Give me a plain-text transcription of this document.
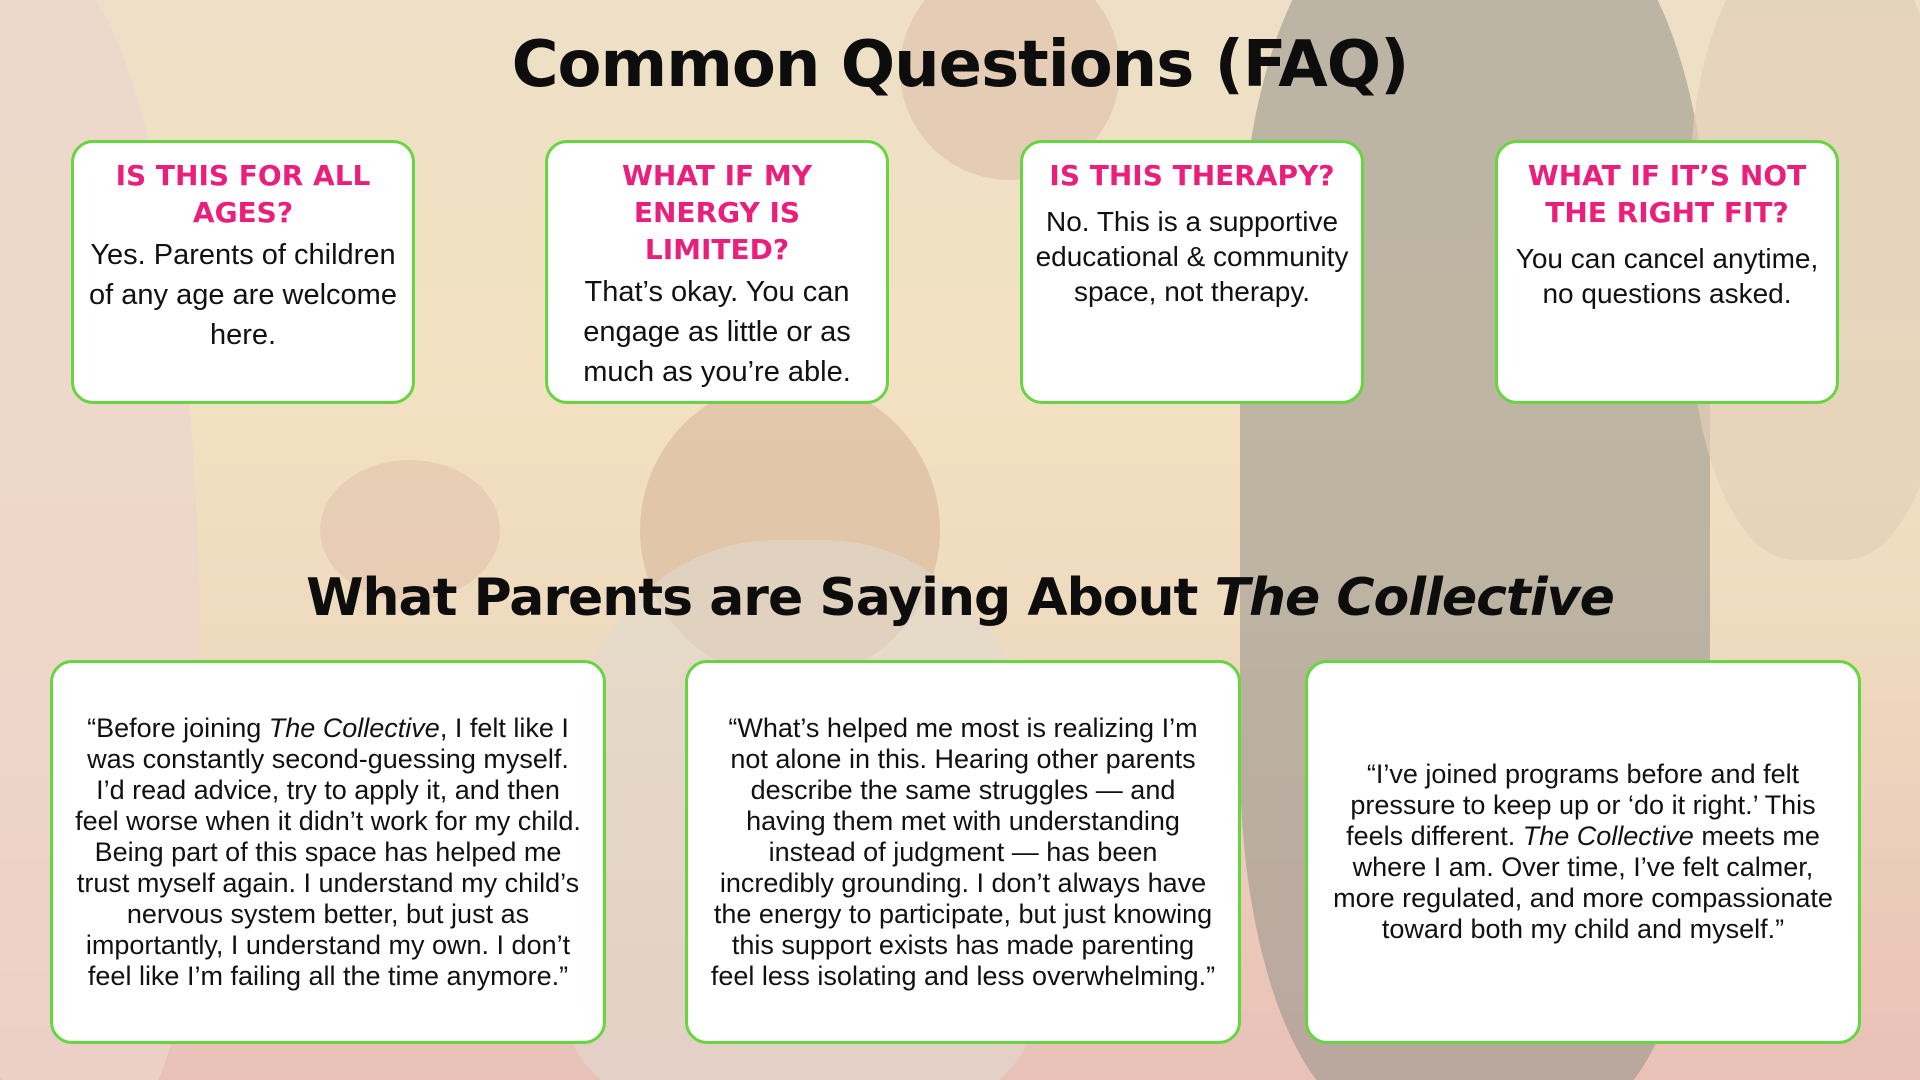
Common Questions (FAQ)
IS THIS FOR ALL AGES?
Yes. Parents of children of any age are welcome here.
WHAT IF MY ENERGY IS LIMITED?
That’s okay. You can engage as little or as much as you’re able.
IS THIS THERAPY?
No. This is a supportive educational & community space, not therapy.
WHAT IF IT’S NOT THE RIGHT FIT?
You can cancel anytime, no questions asked.
What Parents are Saying About The Collective
“Before joining The Collective, I felt like I was constantly second-guessing myself. I’d read advice, try to apply it, and then feel worse when it didn’t work for my child. Being part of this space has helped me trust myself again. I understand my child’s nervous system better, but just as importantly, I understand my own. I don’t feel like I’m failing all the time anymore.”
“What’s helped me most is realizing I’m not alone in this. Hearing other parents describe the same struggles — and having them met with understanding instead of judgment — has been incredibly grounding. I don’t always have the energy to participate, but just knowing this support exists has made parenting feel less isolating and less overwhelming.”
“I’ve joined programs before and felt pressure to keep up or ‘do it right.’ This feels different. The Collective meets me where I am. Over time, I’ve felt calmer, more regulated, and more compassionate toward both my child and myself.”
